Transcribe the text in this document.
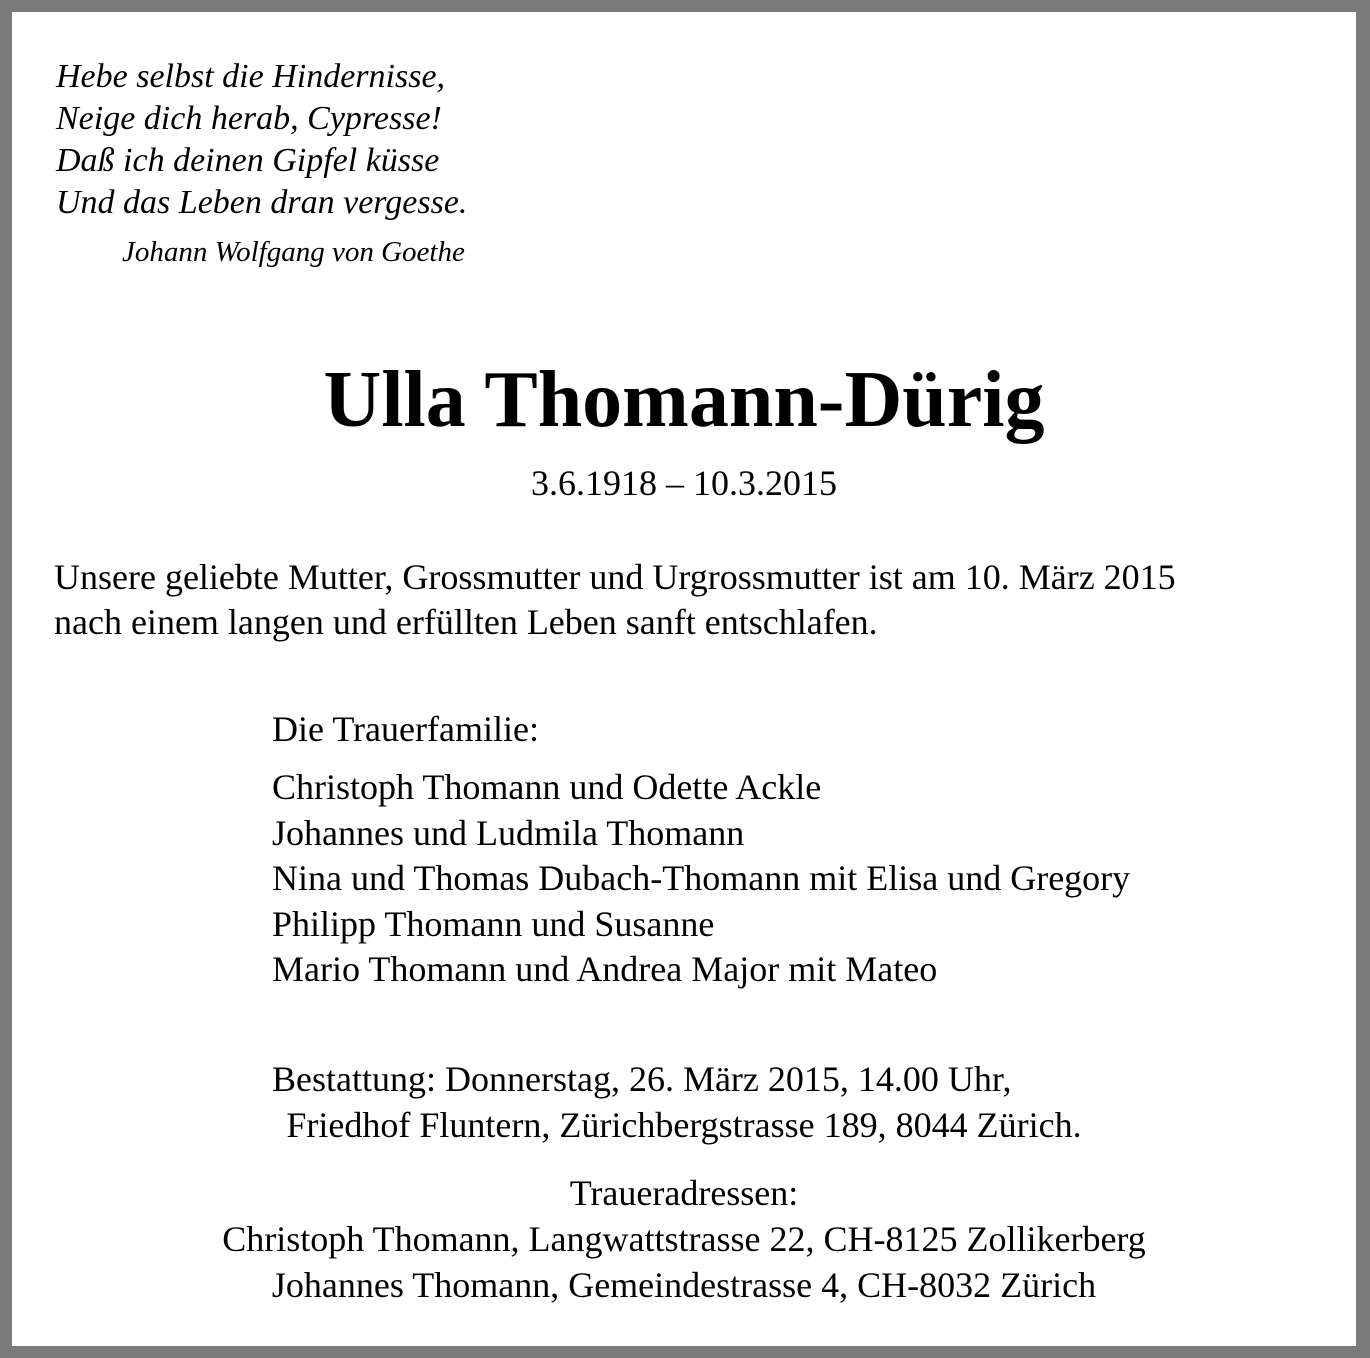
Hebe selbst die Hindernisse,
Neige dich herab, Cypresse!
Daß ich deinen Gipfel küsse
Und das Leben dran vergesse.
Johann Wolfgang von Goethe
Ulla Thomann-Dürig
3.6.1918 – 10.3.2015
Unsere geliebte Mutter, Grossmutter und Urgrossmutter ist am 10. März 2015
nach einem langen und erfüllten Leben sanft entschlafen.
Die Trauerfamilie:
Christoph Thomann und Odette Ackle
Johannes und Ludmila Thomann
Nina und Thomas Dubach-Thomann mit Elisa und Gregory
Philipp Thomann und Susanne
Mario Thomann und Andrea Major mit Mateo
Bestattung: Donnerstag, 26. März 2015, 14.00 Uhr,
Friedhof Fluntern, Zürichbergstrasse 189, 8044 Zürich.
Traueradressen:
Christoph Thomann, Langwattstrasse 22, CH-8125 Zollikerberg
Johannes Thomann, Gemeindestrasse 4, CH-8032 Zürich
